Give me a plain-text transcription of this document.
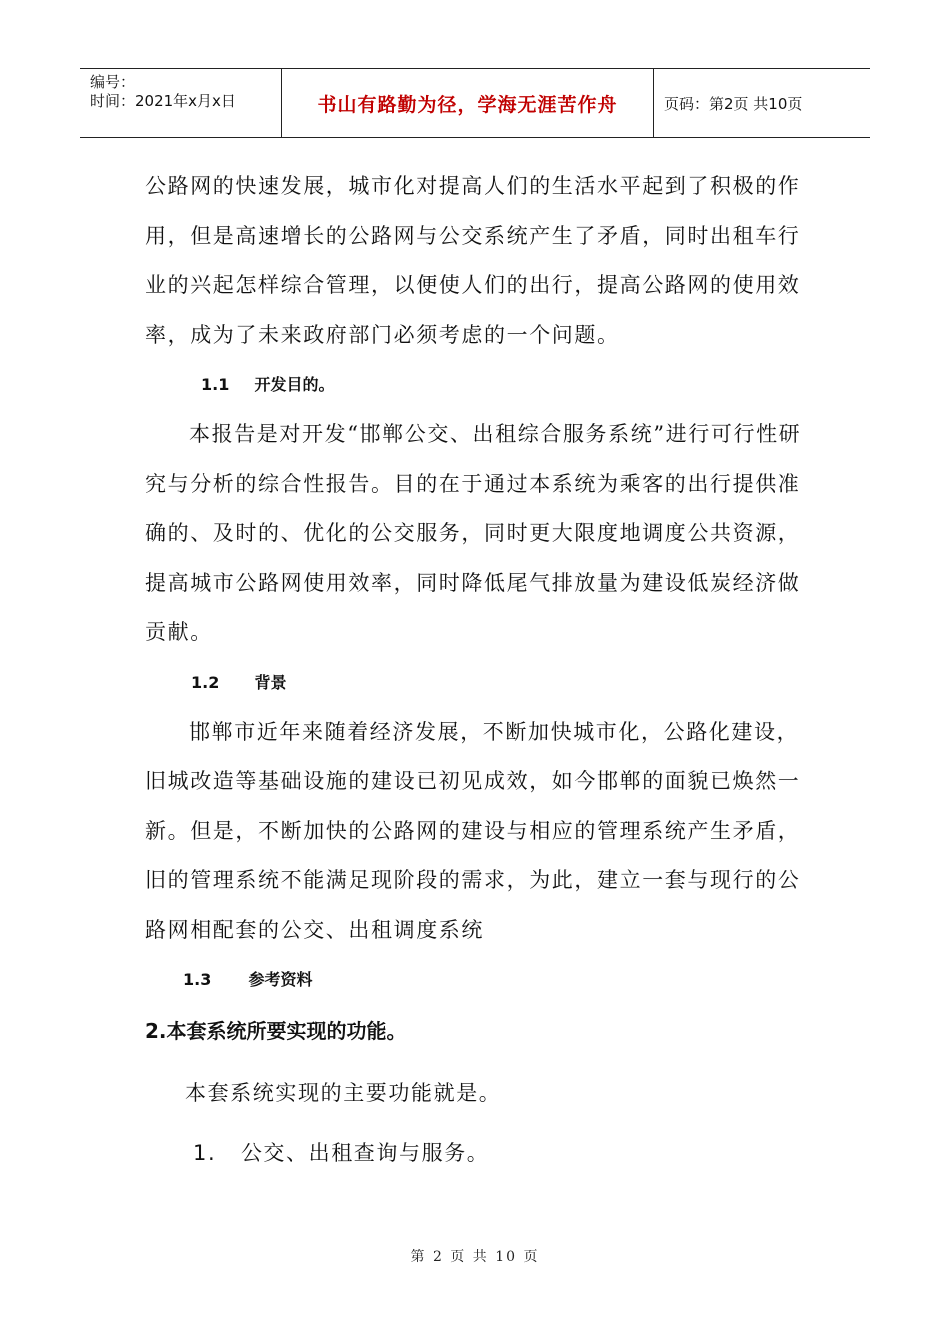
编号：
时间：2021年x月x日	书山有路勤为径，学海无涯苦作舟	页码：第2页 共10页

公路网的快速发展，城市化对提高人们的生活水平起到了积极的作用，但是高速增长的公路网与公交系统产生了矛盾，同时出租车行业的兴起怎样综合管理，以便使人们的出行，提高公路网的使用效率，成为了未来政府部门必须考虑的一个问题。

1.1 开发目的。

本报告是对开发“邯郸公交、出租综合服务系统”进行可行性研究与分析的综合性报告。目的在于通过本系统为乘客的出行提供准确的、及时的、优化的公交服务，同时更大限度地调度公共资源，提高城市公路网使用效率，同时降低尾气排放量为建设低炭经济做贡献。

1.2 背景

邯郸市近年来随着经济发展，不断加快城市化，公路化建设，旧城改造等基础设施的建设已初见成效，如今邯郸的面貌已焕然一新。但是，不断加快的公路网的建设与相应的管理系统产生矛盾，旧的管理系统不能满足现阶段的需求，为此，建立一套与现行的公路网相配套的公交、出租调度系统

1.3 参考资料

2.本套系统所要实现的功能。

本套系统实现的主要功能就是。

1. 公交、出租查询与服务。

第 2 页 共 10 页
